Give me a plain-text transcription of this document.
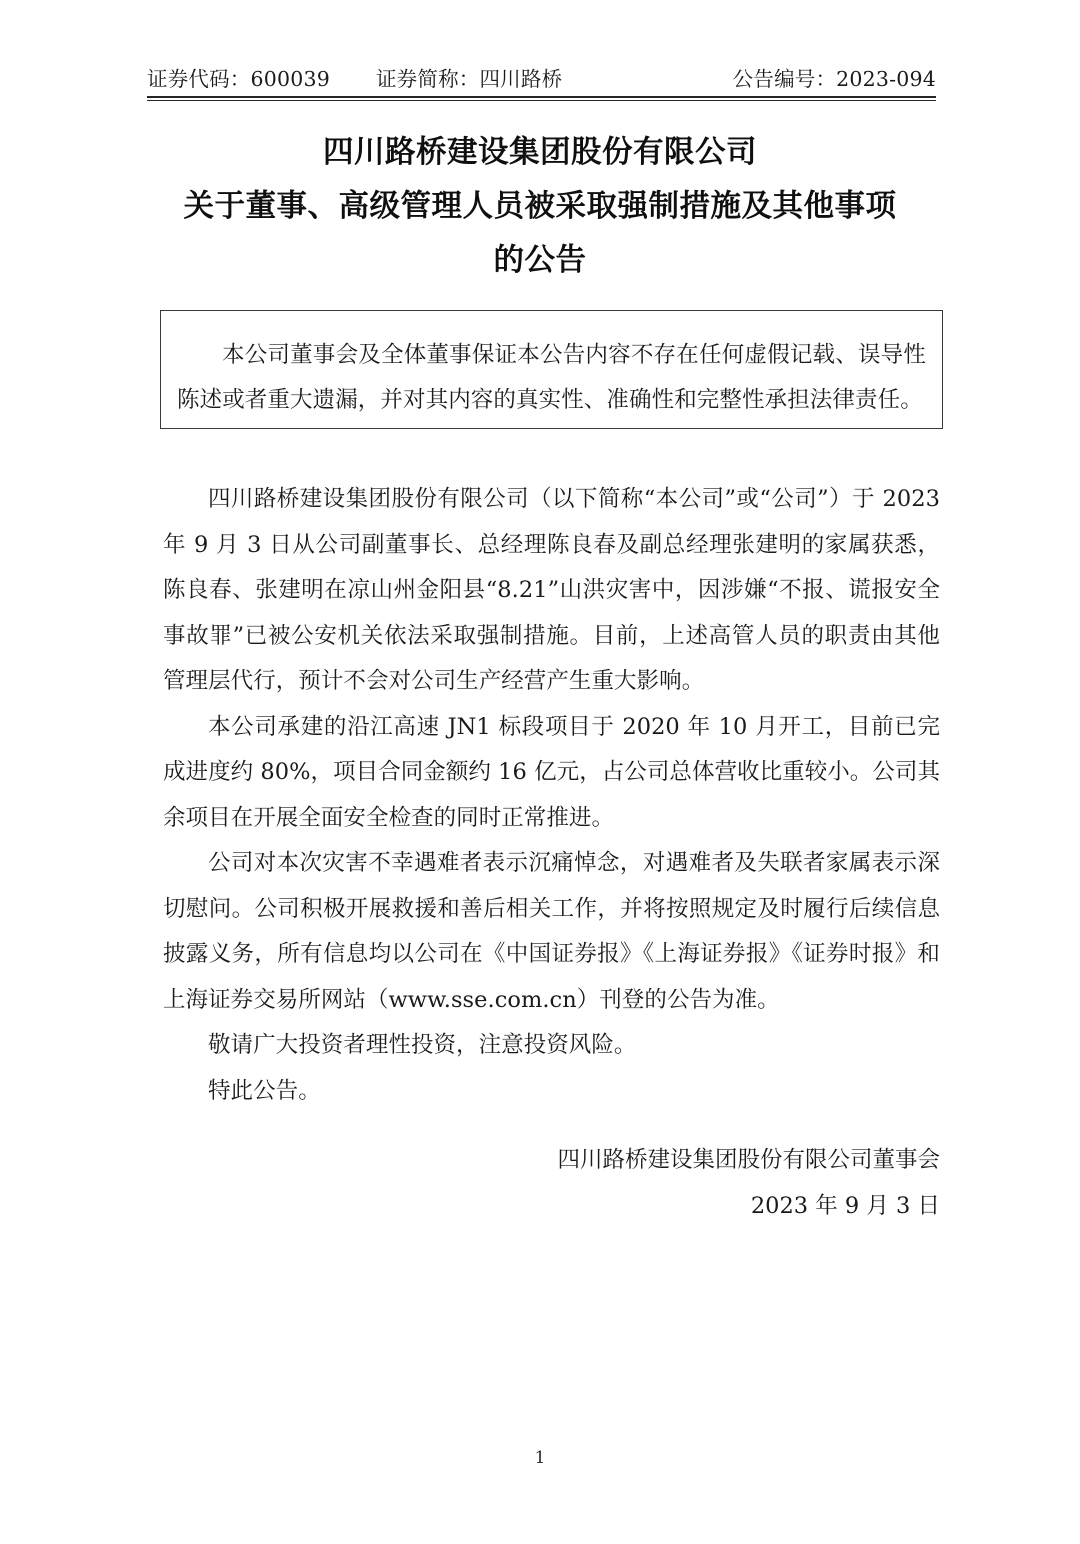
证券代码：600039 证券简称：四川路桥	公告编号：2023-094
四川路桥建设集团股份有限公司
关于董事、高级管理人员被采取强制措施及其他事项
的公告
本公司董事会及全体董事保证本公告内容不存在任何虚假记载、误导性陈述或者重大遗漏，并对其内容的真实性、准确性和完整性承担法律责任。

四川路桥建设集团股份有限公司（以下简称“本公司”或“公司”）于 2023 年 9 月 3 日从公司副董事长、总经理陈良春及副总经理张建明的家属获悉，陈良春、张建明在凉山州金阳县“8.21”山洪灾害中，因涉嫌“不报、谎报安全事故罪”已被公安机关依法采取强制措施。目前，上述高管人员的职责由其他管理层代行，预计不会对公司生产经营产生重大影响。

本公司承建的沿江高速 JN1 标段项目于 2020 年 10 月开工，目前已完成进度约 80%，项目合同金额约 16 亿元，占公司总体营收比重较小。公司其余项目在开展全面安全检查的同时正常推进。

公司对本次灾害不幸遇难者表示沉痛悼念，对遇难者及失联者家属表示深切慰问。公司积极开展救援和善后相关工作，并将按照规定及时履行后续信息披露义务，所有信息均以公司在《中国证券报》《上海证券报》《证券时报》和上海证券交易所网站（www.sse.com.cn）刊登的公告为准。

敬请广大投资者理性投资，注意投资风险。

特此公告。

四川路桥建设集团股份有限公司董事会
2023 年 9 月 3 日
1
